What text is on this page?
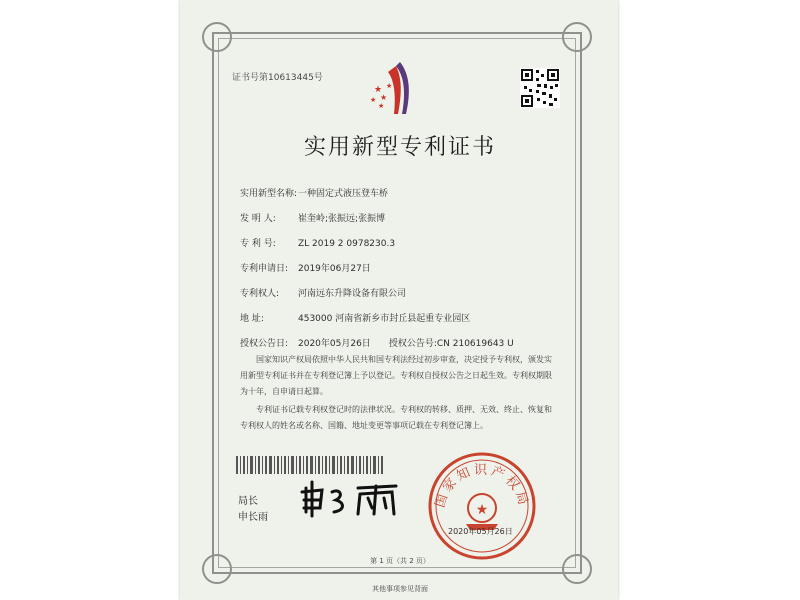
证书号第10613445号
★
★
★
★
★
实用新型专利证书
实用新型名称:一种固定式液压登车桥
发 明 人: 崔奎岭;张振远;张振博
专 利 号: ZL 2019 2 0978230.3
专利申请日: 2019年06月27日
专利权人: 河南远东升降设备有限公司
地 址:	453000 河南省新乡市封丘县起重专业园区
授权公告日: 2020年05月26日 授权公告号:CN 210619643 U
国家知识产权局依照中华人民共和国专利法经过初步审查，决定授予专利权，颁发实用新型专利证书并在专利登记簿上予以登记。专利权自授权公告之日起生效。专利权期限为十年，自申请日起算。
专利证书记载专利权登记时的法律状况。专利权的转移、质押、无效、终止、恢复和专利权人的姓名或名称、国籍、地址变更等事项记载在专利登记簿上。
局长
申长雨
国家知识产权局
★
2020年05月26日
第 1 页（共 2 页）
其他事项参见背面
